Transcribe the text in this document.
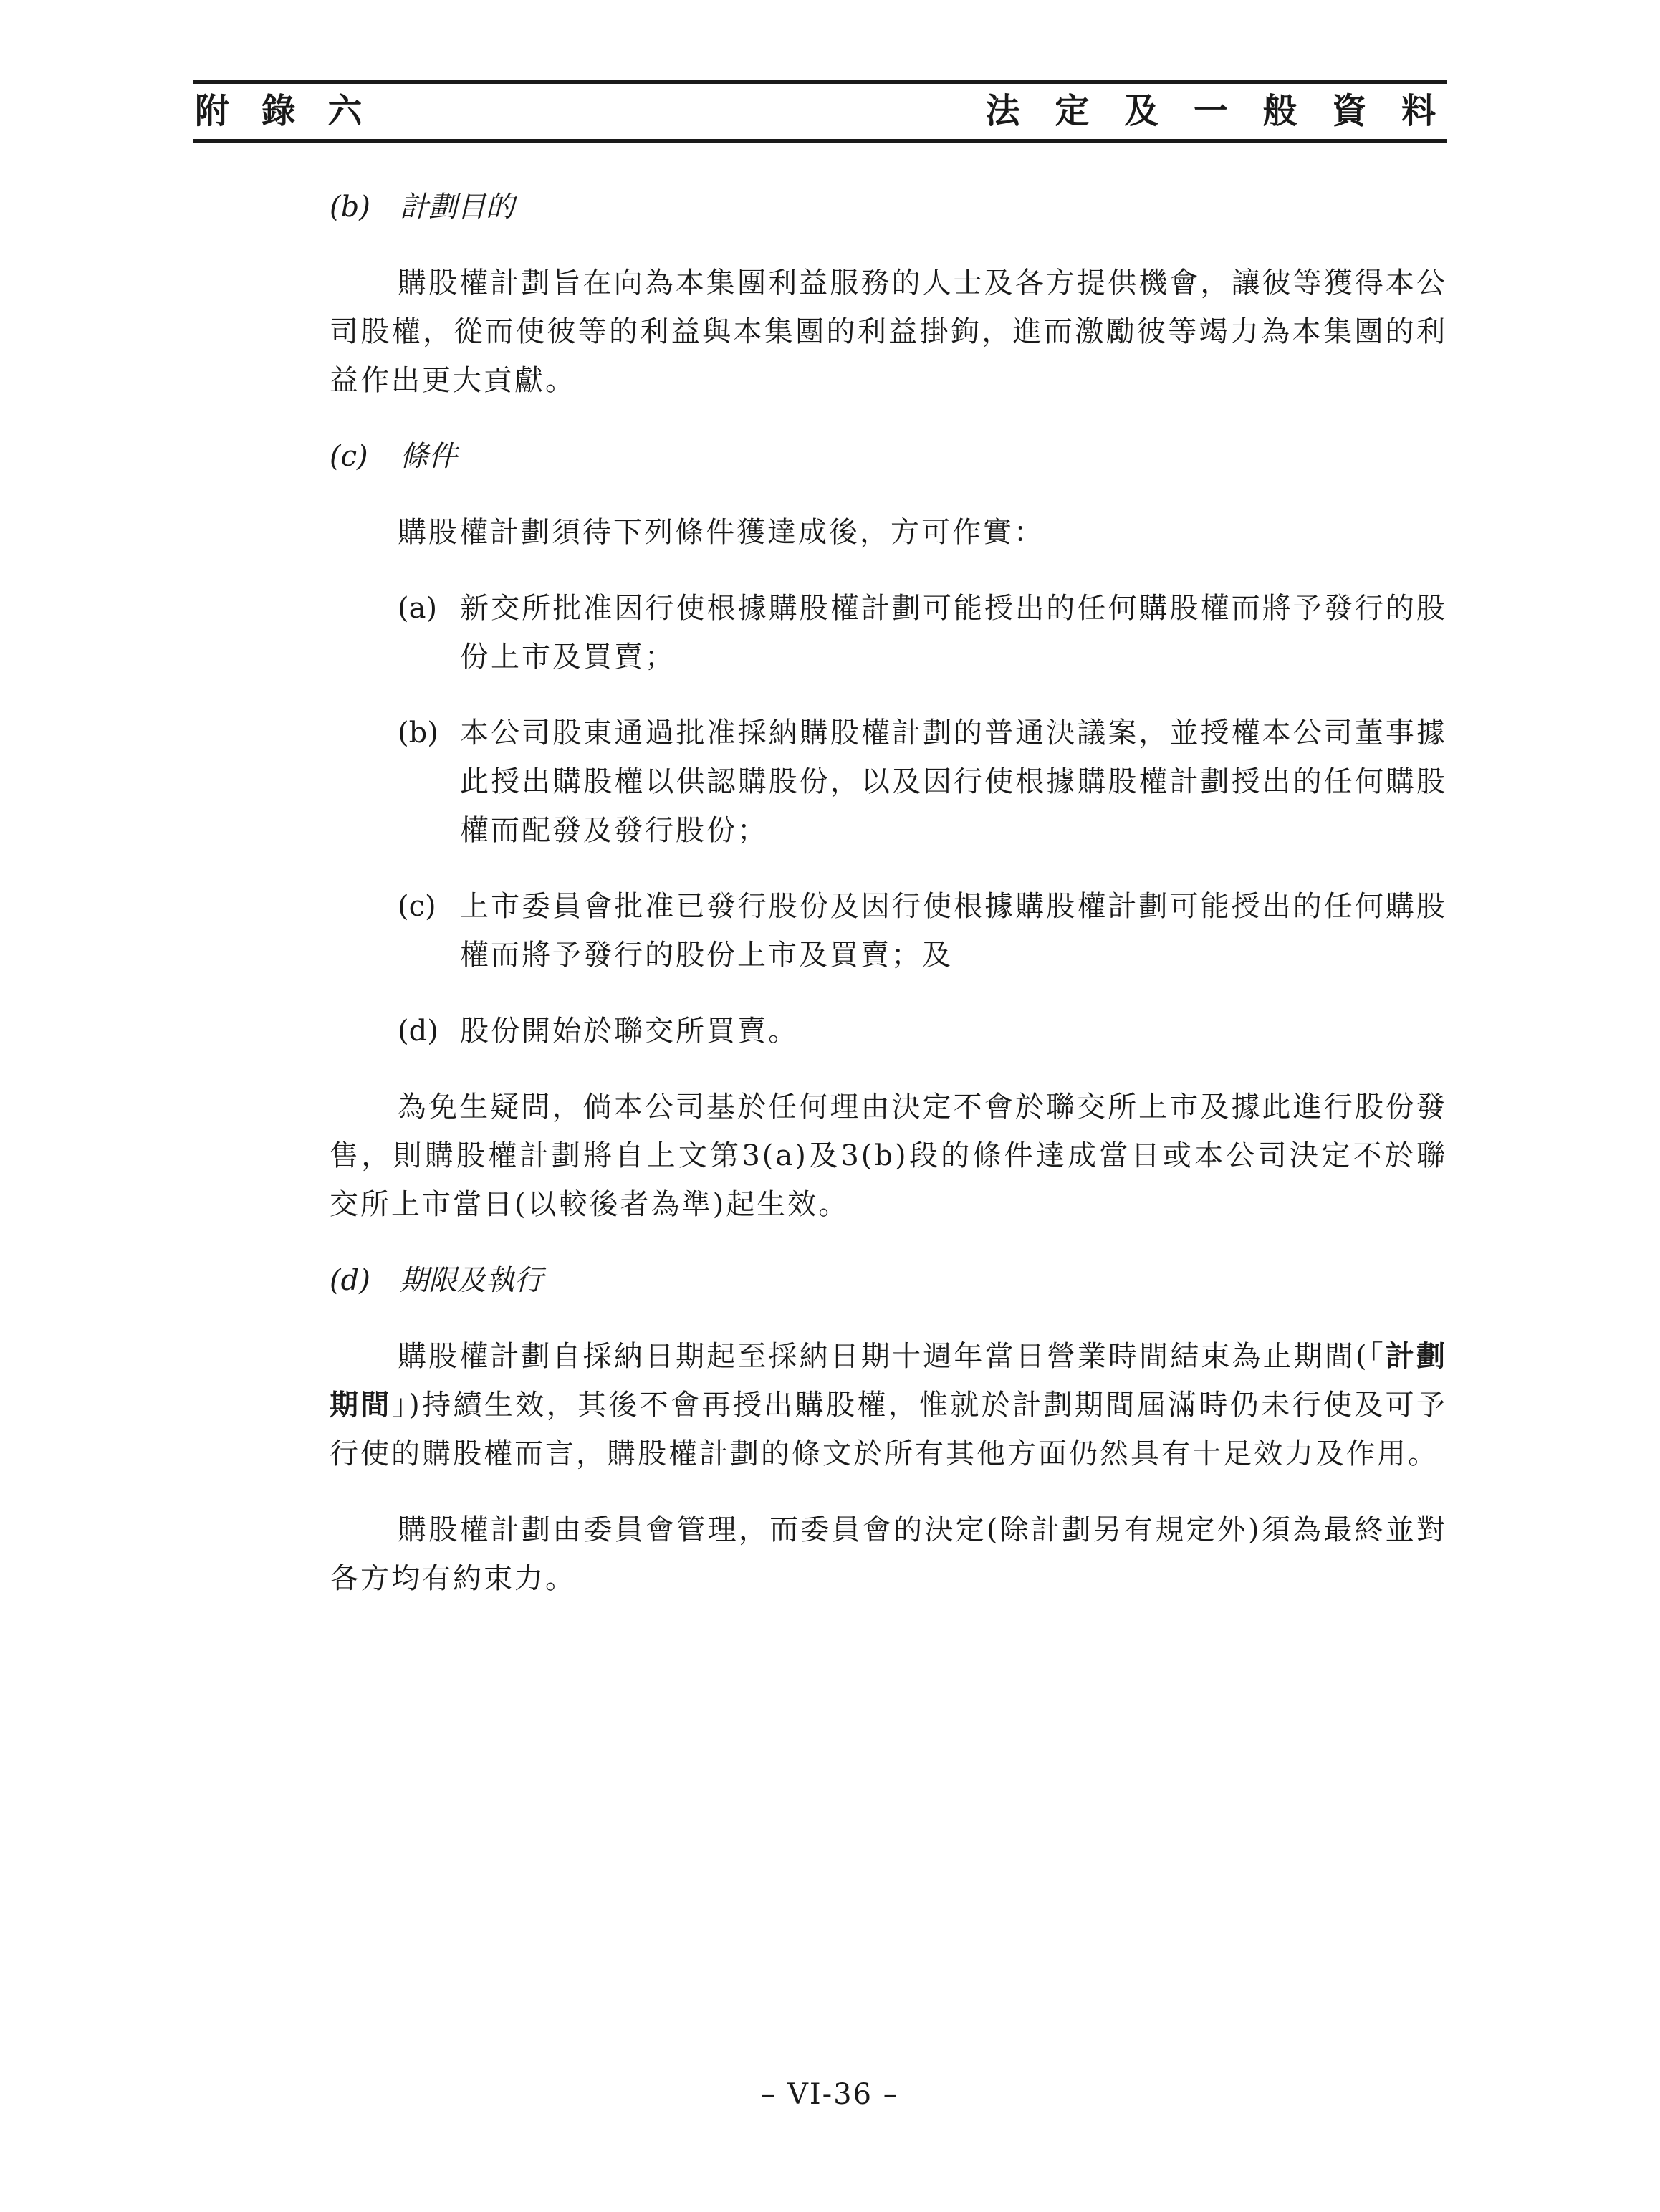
附 錄 六	法 定 及 一 般 資 料
(b) 計劃目的

購股權計劃旨在向為本集團利益服務的人士及各方提供機會，讓彼等獲得本公司股權，從而使彼等的利益與本集團的利益掛鉤，進而激勵彼等竭力為本集團的利益作出更大貢獻。

(c) 條件

購股權計劃須待下列條件獲達成後，方可作實：

(a) 新交所批准因行使根據購股權計劃可能授出的任何購股權而將予發行的股份上市及買賣；
(b) 本公司股東通過批准採納購股權計劃的普通決議案，並授權本公司董事據此授出購股權以供認購股份，以及因行使根據購股權計劃授出的任何購股權而配發及發行股份；
(c) 上市委員會批准已發行股份及因行使根據購股權計劃可能授出的任何購股權而將予發行的股份上市及買賣；及
(d) 股份開始於聯交所買賣。

為免生疑問，倘本公司基於任何理由決定不會於聯交所上市及據此進行股份發售，則購股權計劃將自上文第3(a)及3(b)段的條件達成當日或本公司決定不於聯交所上市當日(以較後者為準)起生效。

(d) 期限及執行

購股權計劃自採納日期起至採納日期十週年當日營業時間結束為止期間(「計劃期間」)持續生效，其後不會再授出購股權，惟就於計劃期間屆滿時仍未行使及可予行使的購股權而言，購股權計劃的條文於所有其他方面仍然具有十足效力及作用。

購股權計劃由委員會管理，而委員會的決定(除計劃另有規定外)須為最終並對各方均有約束力。

– VI-36 –
